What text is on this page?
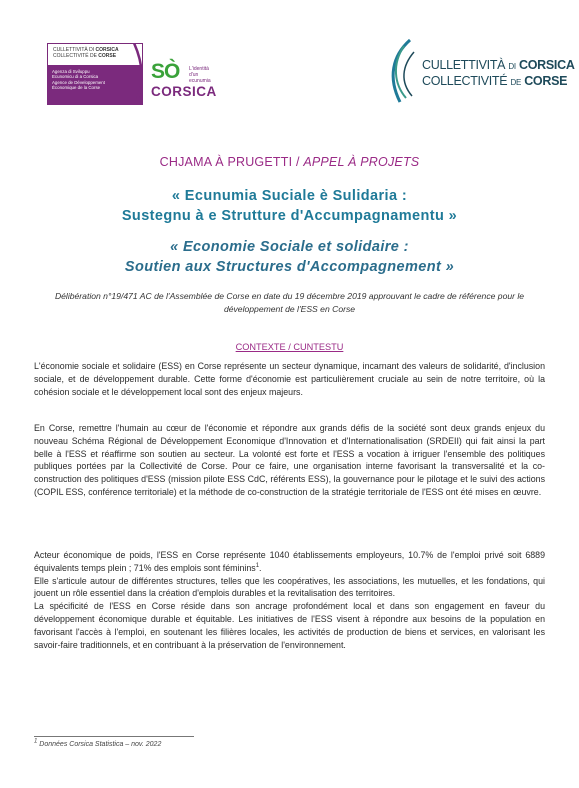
CULLETTIVITÀ DI CORSICA
COLLECTIVITÉ DE CORSE
Agenza di Sviluppu
Ecunomicu di a Corsica
Agence de Développement
Économique de la Corse
SÒ L'identità
d'un ecunumia
CORSICA
CULLETTIVITÀ DI CORSICA
COLLECTIVITÉ DE CORSE
CHJAMA À PRUGETTI / APPEL À PROJETS
« Ecunumia Suciale è Sulidaria :
Sustegnu à e Strutture d'Accumpagnamentu »
« Economie Sociale et solidaire :
Soutien aux Structures d'Accompagnement »
Délibération n°19/471 AC de l'Assemblée de Corse en date du 19 décembre 2019 approuvant le cadre de référence pour le développement de l'ESS en Corse
CONTEXTE / CUNTESTU

L'économie sociale et solidaire (ESS) en Corse représente un secteur dynamique, incarnant des valeurs de solidarité, d'inclusion sociale, et de développement durable. Cette forme d'économie est particulièrement cruciale au sein de notre territoire, où la cohésion sociale et le développement local sont des enjeux majeurs.

En Corse, remettre l'humain au cœur de l'économie et répondre aux grands défis de la société sont deux grands enjeux du nouveau Schéma Régional de Développement Economique d'Innovation et d'Internationalisation (SRDEII) qui fait ainsi la part belle à l'ESS et réaffirme son soutien au secteur. La volonté est forte et l'ESS a vocation à irriguer l'ensemble des politiques publiques portées par la Collectivité de Corse. Pour ce faire, une organisation interne favorisant la transversalité et la co-construction des politiques d'ESS (mission pilote ESS CdC, référents ESS), la gouvernance pour le pilotage et le suivi des actions (COPIL ESS, conférence territoriale) et la méthode de co-construction de la stratégie territoriale de l'ESS ont été mises en œuvre.

Acteur économique de poids, l'ESS en Corse représente 1040 établissements employeurs, 10.7% de l'emploi privé soit 6889 équivalents temps plein ; 71% des emplois sont féminins$^1$.

Elle s'articule autour de différentes structures, telles que les coopératives, les associations, les mutuelles, et les fondations, qui jouent un rôle essentiel dans la création d'emplois durables et la revitalisation des territoires.

La spécificité de l'ESS en Corse réside dans son ancrage profondément local et dans son engagement en faveur du développement économique durable et équitable. Les initiatives de l'ESS visent à répondre aux besoins de la population en favorisant l'accès à l'emploi, en soutenant les filières locales, les activités de production de biens et services, en valorisant les savoir-faire traditionnels, et en contribuant à la préservation de l'environnement.

$^1$ Données Corsica Statistica – nov. 2022
